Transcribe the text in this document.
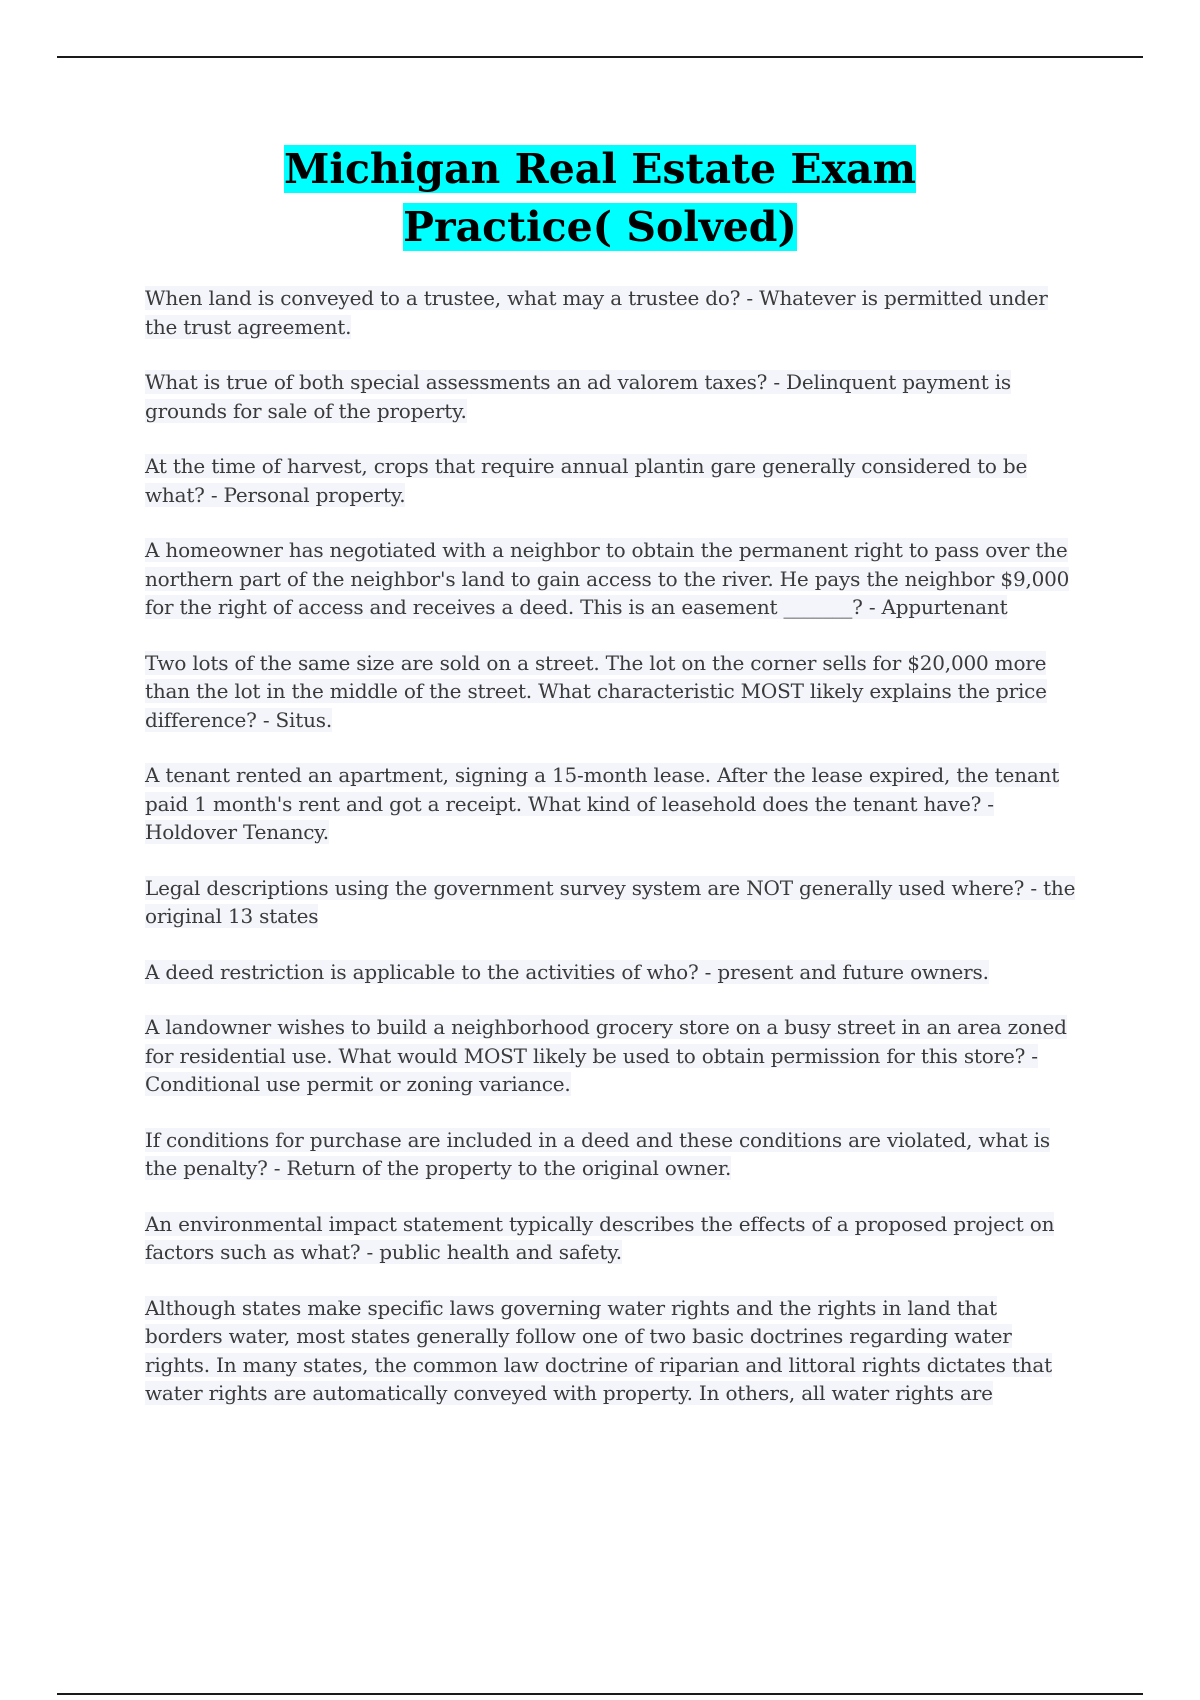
Michigan Real Estate Exam Practice( Solved)

When land is conveyed to a trustee, what may a trustee do? - Whatever is permitted under the trust agreement.

What is true of both special assessments an ad valorem taxes? - Delinquent payment is grounds for sale of the property.

At the time of harvest, crops that require annual plantin gare generally considered to be what? - Personal property.

A homeowner has negotiated with a neighbor to obtain the permanent right to pass over the northern part of the neighbor's land to gain access to the river. He pays the neighbor $9,000 for the right of access and receives a deed. This is an easement _______? - Appurtenant

Two lots of the same size are sold on a street. The lot on the corner sells for $20,000 more than the lot in the middle of the street. What characteristic MOST likely explains the price difference? - Situs.

A tenant rented an apartment, signing a 15-month lease. After the lease expired, the tenant paid 1 month's rent and got a receipt. What kind of leasehold does the tenant have? - Holdover Tenancy.

Legal descriptions using the government survey system are NOT generally used where? - the original 13 states

A deed restriction is applicable to the activities of who? - present and future owners.

A landowner wishes to build a neighborhood grocery store on a busy street in an area zoned for residential use. What would MOST likely be used to obtain permission for this store? - Conditional use permit or zoning variance.

If conditions for purchase are included in a deed and these conditions are violated, what is the penalty? - Return of the property to the original owner.

An environmental impact statement typically describes the effects of a proposed project on factors such as what? - public health and safety.

Although states make specific laws governing water rights and the rights in land that borders water, most states generally follow one of two basic doctrines regarding water rights. In many states, the common law doctrine of riparian and littoral rights dictates that water rights are automatically conveyed with property. In others, all water rights are
